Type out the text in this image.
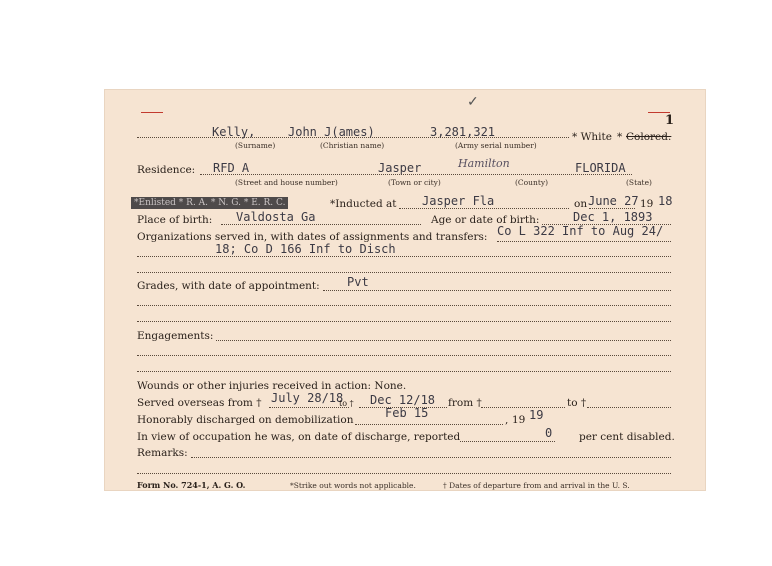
✓
1
Kelly,	John J(ames)	3,281,321
(Surname)	(Christian name)	(Army serial number)
* White * Colored.
Residence: RFD A	Jasper	Hamilton	FLORIDA
(Street and house number)	(Town or city)	(County)	(State)
*Enlisted * R. A. * N. G. * E. R. C.	*Inducted at Jasper Fla	on June 27 19 18
Place of birth: Valdosta Ga	Age or date of birth:	Dec 1, 1893
Organizations served in, with dates of assignments and transfers: Co L 322 Inf to Aug 24/
18; Co D 166 Inf to Disch
Grades, with date of appointment: Pvt
Engagements:
Wounds or other injuries received in action: None.
Served overseas from † July 28/18
to † Dec 12/18 from †	to †
Honorably discharged on demobilization	Feb 15	, 19 19
In view of occupation he was, on date of discharge, reported	0	per cent disabled.
Remarks:
Form No. 724-1, A. G. O.	*Strike out words not applicable.	† Dates of departure from and arrival in the U. S.
